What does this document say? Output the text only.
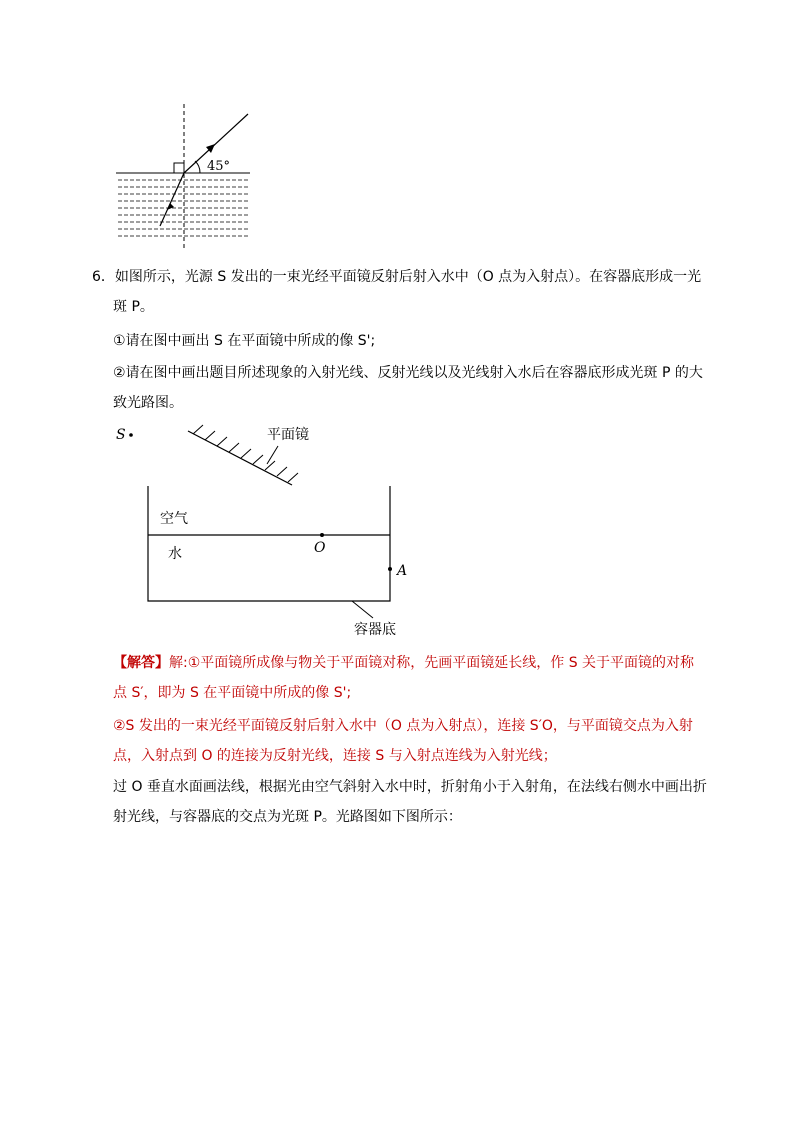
45°
6．如图所示，光源 S 发出的一束光经平面镜反射后射入水中（O 点为入射点）。在容器底形成一光
斑 P。
①请在图中画出 S 在平面镜中所成的像 S';
②请在图中画出题目所述现象的入射光线、反射光线以及光线射入水后在容器底形成光斑 P 的大
致光路图。
S	平面镜
空气
水	O
A
容器底
【解答】解:①平面镜所成像与物关于平面镜对称，先画平面镜延长线，作 S 关于平面镜的对称
点 S′，即为 S 在平面镜中所成的像 S';
②S 发出的一束光经平面镜反射后射入水中（O 点为入射点），连接 S′O，与平面镜交点为入射
点，入射点到 O 的连接为反射光线，连接 S 与入射点连线为入射光线；
过 O 垂直水面画法线，根据光由空气斜射入水中时，折射角小于入射角，在法线右侧水中画出折
射光线，与容器底的交点为光斑 P。光路图如下图所示：
